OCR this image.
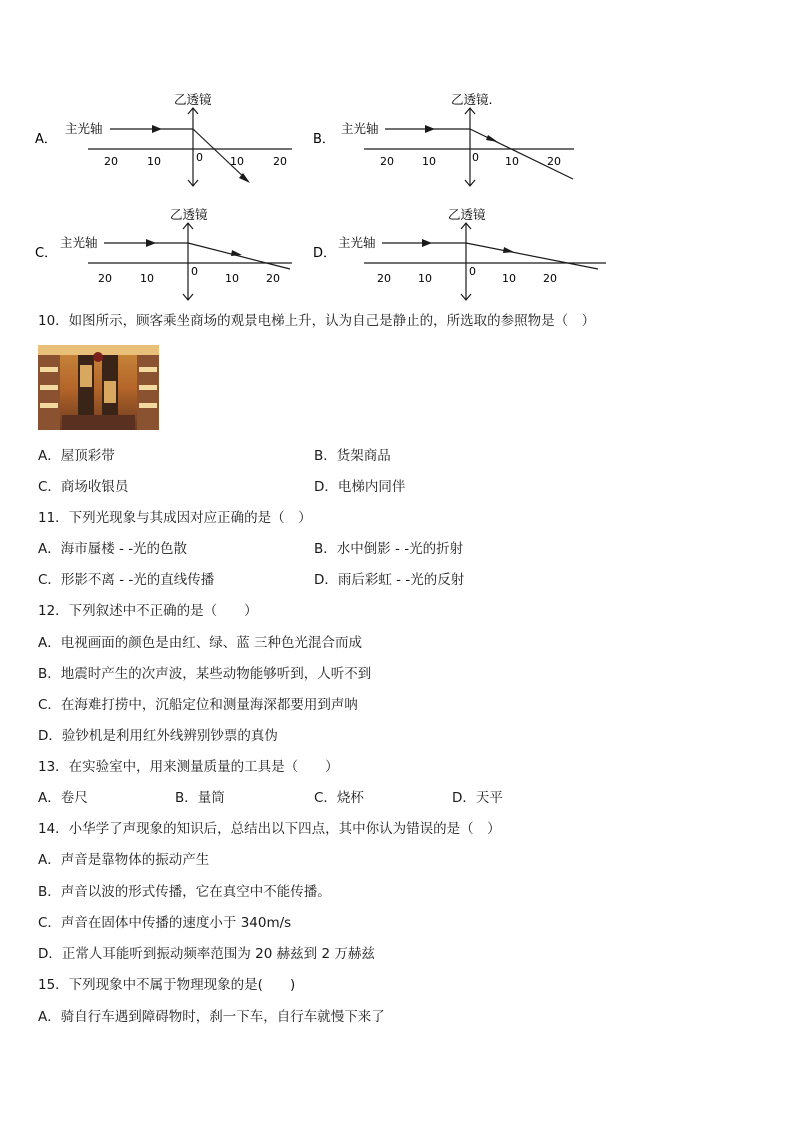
A．
乙透镜
主光轴
20	10	0 10	20
B．
乙透镜.
主光轴
20	10	0 10	20
C．
乙透镜
主光轴
20	10
0
10 20
D．
乙透镜
主光轴
20 10
0
10 20
10．如图所示，顾客乘坐商场的观景电梯上升，认为自己是静止的，所选取的参照物是（　）
A．屋顶彩带	B．货架商品
C．商场收银员	D．电梯内同伴
11．下列光现象与其成因对应正确的是（　）
A．海市蜃楼 - -光的色散	B．水中倒影 - -光的折射
C．形影不离 - -光的直线传播	D．雨后彩虹 - -光的反射
12．下列叙述中不正确的是（　　）
A．电视画面的颜色是由红、绿、蓝 三种色光混合而成
B．地震时产生的次声波，某些动物能够听到，人听不到
C．在海难打捞中，沉船定位和测量海深都要用到声呐
D．验钞机是利用红外线辨别钞票的真伪
13．在实验室中，用来测量质量的工具是（　　）
A．卷尺	B．量筒	C．烧杯	D．天平
14．小华学了声现象的知识后，总结出以下四点，其中你认为错误的是（　）
A．声音是靠物体的振动产生
B．声音以波的形式传播，它在真空中不能传播。
C．声音在固体中传播的速度小于 340m/s
D．正常人耳能听到振动频率范围为 20 赫兹到 2 万赫兹
15．下列现象中不属于物理现象的是(　　)
A．骑自行车遇到障碍物时，刹一下车，自行车就慢下来了
